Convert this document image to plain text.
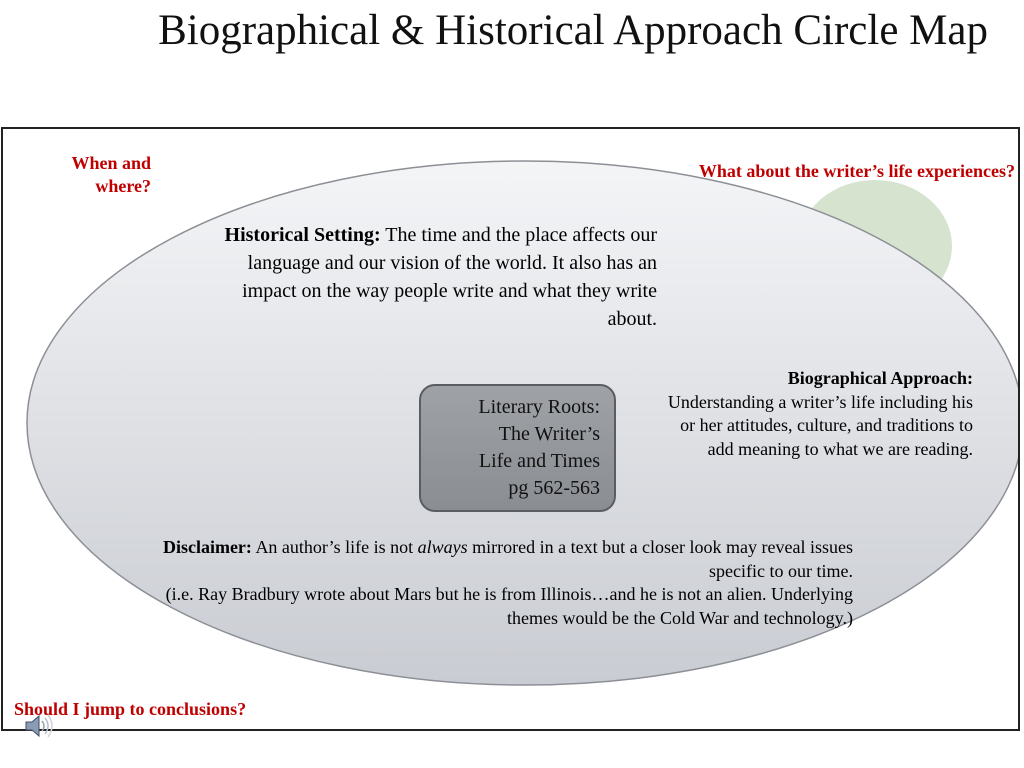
Biographical & Historical Approach Circle Map
When and where?
What about the writer’s life experiences?
Historical Setting: The time and the place affects our language and our vision of the world. It also has an impact on the way people write and what they write about.
Biographical Approach:
Understanding a writer’s life including his or her attitudes, culture, and traditions to add meaning to what we are reading.
Literary Roots:
The Writer’s
Life and Times
pg 562-563
Disclaimer: An author’s life is not always mirrored in a text but a closer look may reveal issues specific to our time.
(i.e. Ray Bradbury wrote about Mars but he is from Illinois…and he is not an alien. Underlying themes would be the Cold War and technology.)
Should I jump to conclusions?
